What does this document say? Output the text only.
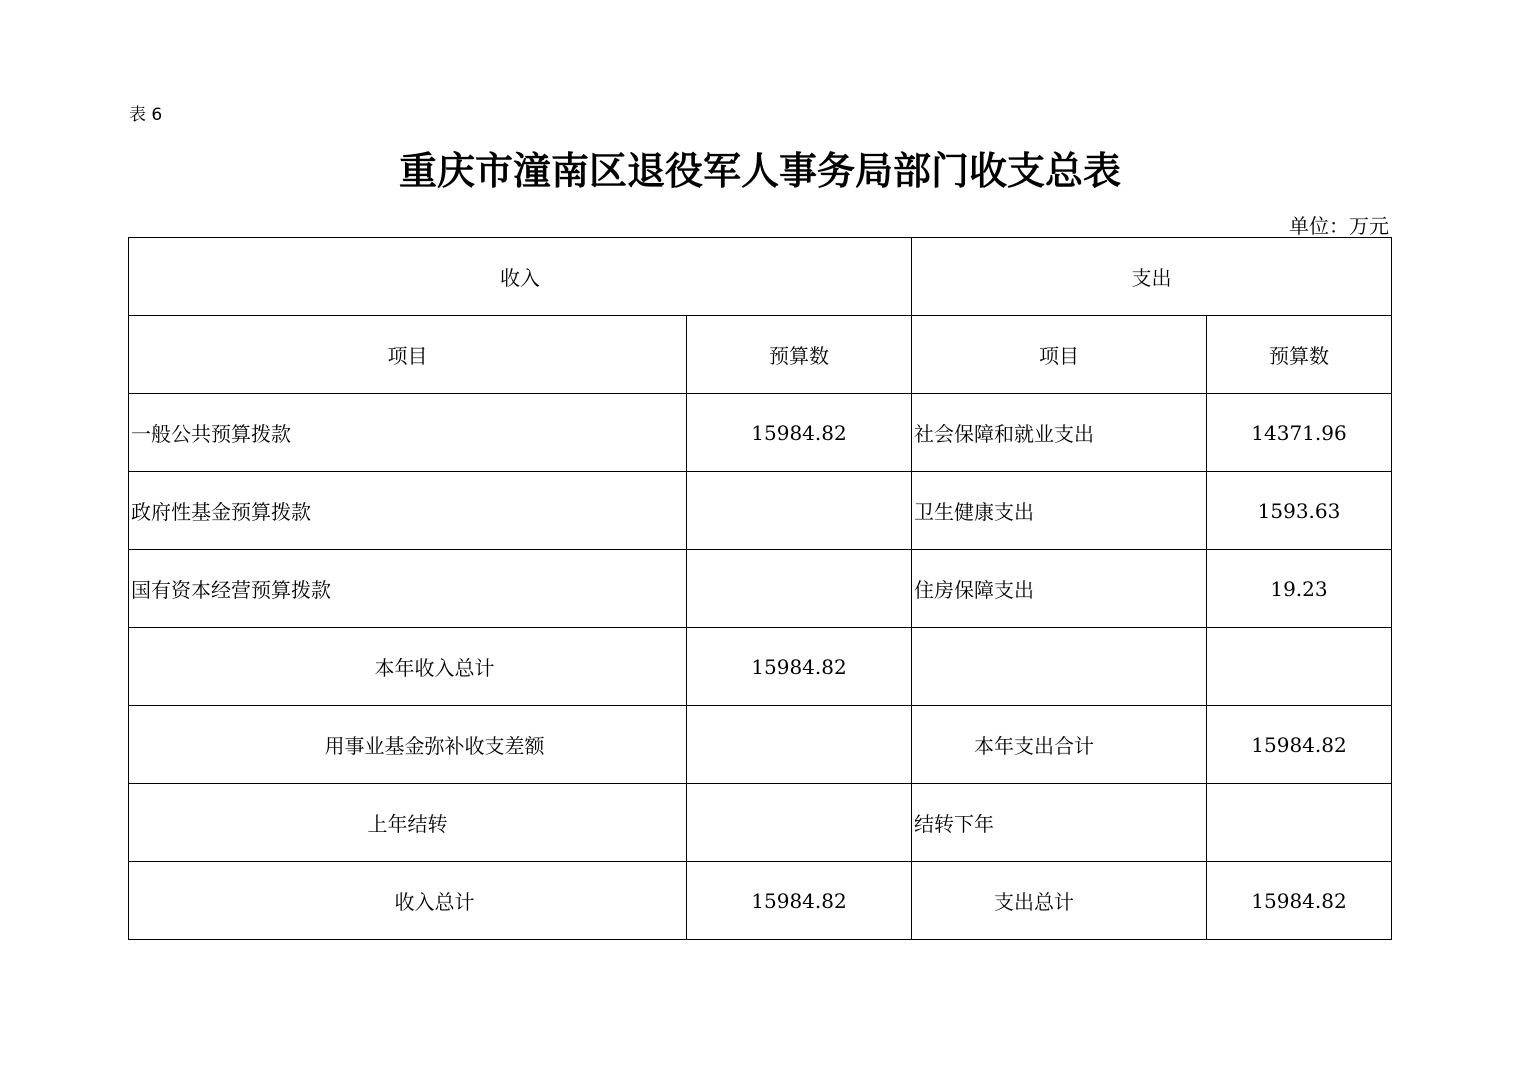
表 6
重庆市潼南区退役军人事务局部门收支总表
单位：万元
收入		支出	
项目	预算数	项目	预算数
一般公共预算拨款	15984.82	社会保障和就业支出	14371.96
政府性基金预算拨款		卫生健康支出	1593.63
国有资本经营预算拨款		住房保障支出	19.23
本年收入总计	15984.82		
用事业基金弥补收支差额		本年支出合计	15984.82
上年结转		结转下年	
收入总计	15984.82	支出总计	15984.82
